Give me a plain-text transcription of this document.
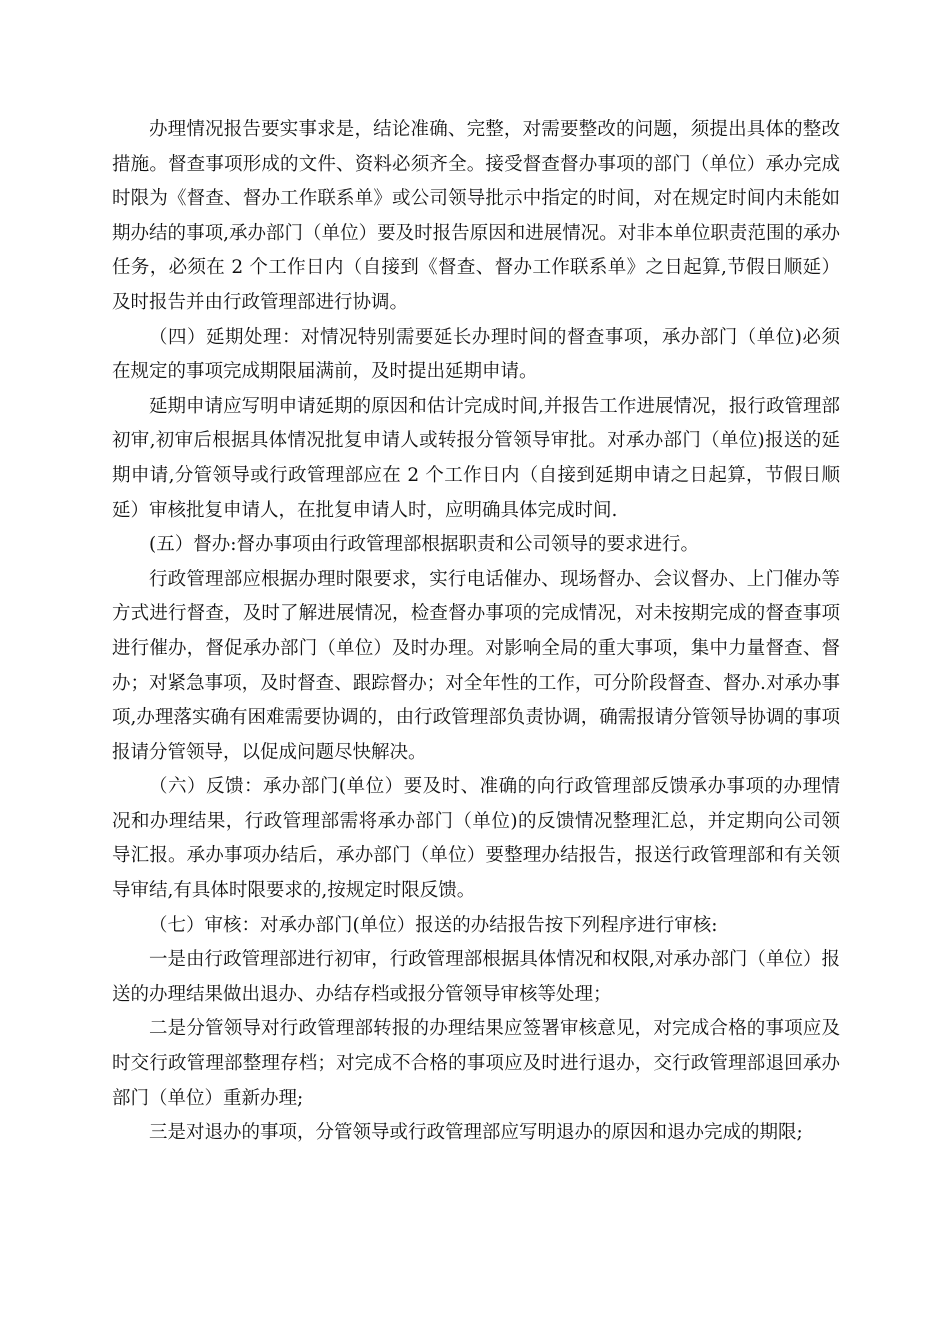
办理情况报告要实事求是，结论准确、完整，对需要整改的问题，须提出具体的整改措施。督查事项形成的文件、资料必须齐全。接受督查督办事项的部门（单位）承办完成时限为《督查、督办工作联系单》或公司领导批示中指定的时间，对在规定时间内未能如期办结的事项,承办部门（单位）要及时报告原因和进展情况。对非本单位职责范围的承办任务，必须在 2 个工作日内（自接到《督查、督办工作联系单》之日起算,节假日顺延）及时报告并由行政管理部进行协调。

（四）延期处理：对情况特别需要延长办理时间的督查事项，承办部门（单位)必须在规定的事项完成期限届满前，及时提出延期申请。

延期申请应写明申请延期的原因和估计完成时间,并报告工作进展情况，报行政管理部初审,初审后根据具体情况批复申请人或转报分管领导审批。对承办部门（单位)报送的延期申请,分管领导或行政管理部应在 2 个工作日内（自接到延期申请之日起算，节假日顺延）审核批复申请人，在批复申请人时，应明确具体完成时间.

(五）督办:督办事项由行政管理部根据职责和公司领导的要求进行。

行政管理部应根据办理时限要求，实行电话催办、现场督办、会议督办、上门催办等方式进行督查，及时了解进展情况，检查督办事项的完成情况，对未按期完成的督查事项进行催办，督促承办部门（单位）及时办理。对影响全局的重大事项，集中力量督查、督办；对紧急事项，及时督查、跟踪督办；对全年性的工作，可分阶段督查、督办.对承办事项,办理落实确有困难需要协调的，由行政管理部负责协调，确需报请分管领导协调的事项报请分管领导，以促成问题尽快解决。

（六）反馈：承办部门(单位）要及时、准确的向行政管理部反馈承办事项的办理情况和办理结果，行政管理部需将承办部门（单位)的反馈情况整理汇总，并定期向公司领导汇报。承办事项办结后，承办部门（单位）要整理办结报告，报送行政管理部和有关领导审结,有具体时限要求的,按规定时限反馈。

（七）审核：对承办部门(单位）报送的办结报告按下列程序进行审核:

一是由行政管理部进行初审，行政管理部根据具体情况和权限,对承办部门（单位）报送的办理结果做出退办、办结存档或报分管领导审核等处理；

二是分管领导对行政管理部转报的办理结果应签署审核意见，对完成合格的事项应及时交行政管理部整理存档；对完成不合格的事项应及时进行退办，交行政管理部退回承办部门（单位）重新办理;

三是对退办的事项，分管领导或行政管理部应写明退办的原因和退办完成的期限;
